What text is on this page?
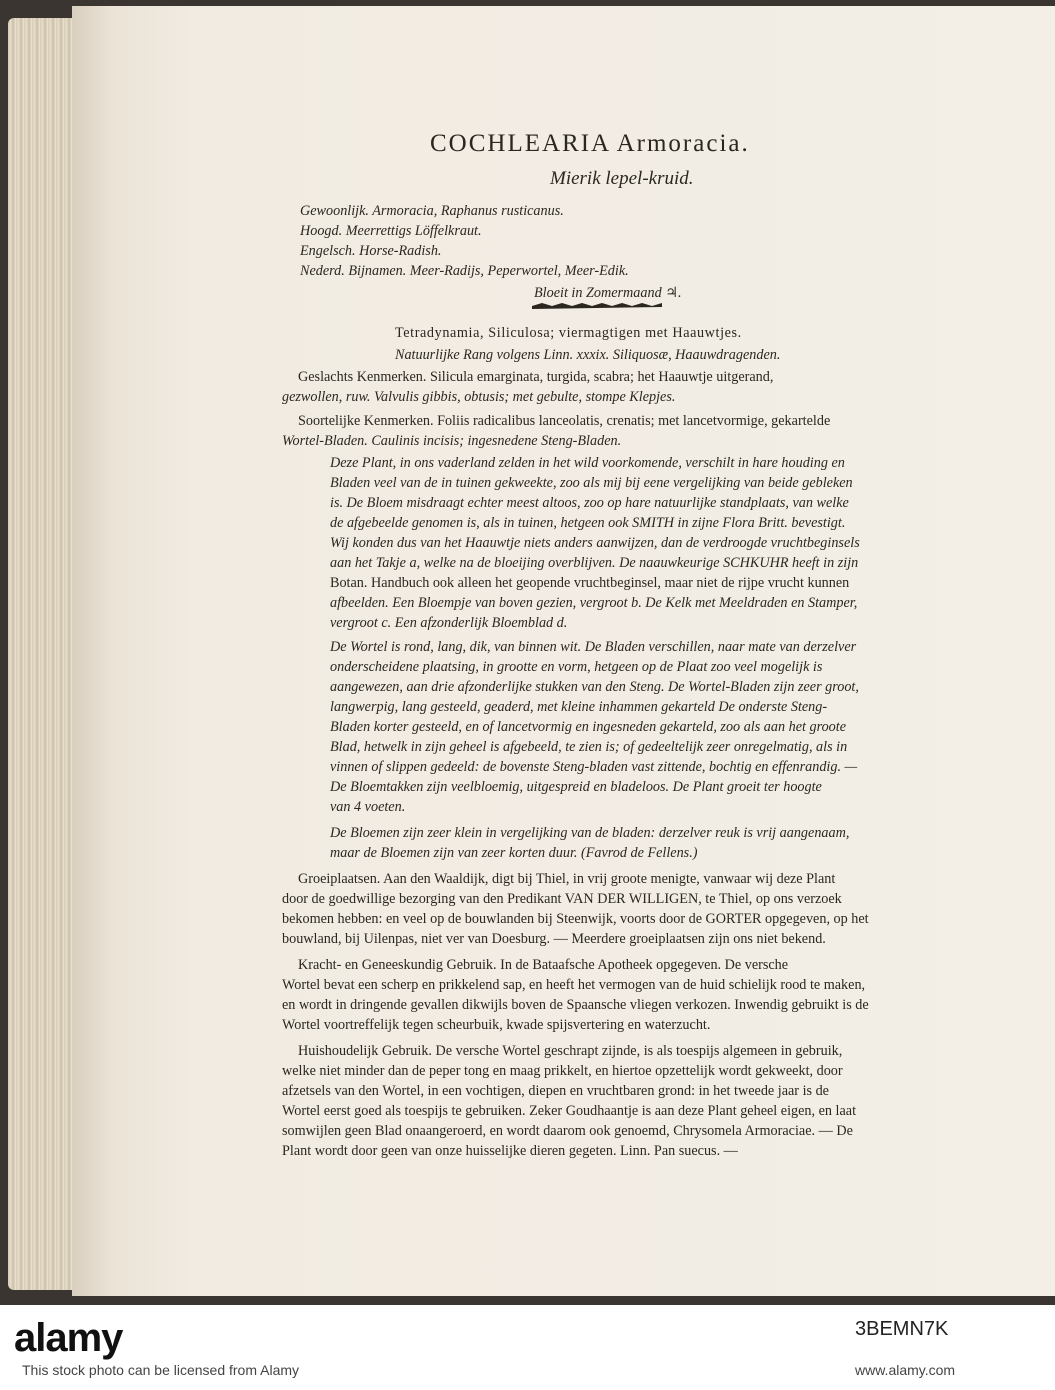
COCHLEARIA Armoracia.
Mierik lepel-kruid.
Gewoonlijk. Armoracia, Raphanus rusticanus.
Hoogd. Meerrettigs Löffelkraut.
Engelsch. Horse-Radish.
Nederd. Bijnamen. Meer-Radijs, Peperwortel, Meer-Edik.
Bloeit in Zomermaand ♃.
Tetradynamia, Siliculosa; viermagtigen met Haauwtjes.
Natuurlijke Rang volgens Linn. xxxix. Siliquosæ, Haauwdragenden.
Geslachts Kenmerken. Silicula emarginata, turgida, scabra; het Haauwtje uitgerand,
gezwollen, ruw. Valvulis gibbis, obtusis; met gebulte, stompe Klepjes.
Soortelijke Kenmerken. Foliis radicalibus lanceolatis, crenatis; met lancetvormige, gekartelde
Wortel-Bladen. Caulinis incisis; ingesnedene Steng-Bladen.
Deze Plant, in ons vaderland zelden in het wild voorkomende, verschilt in hare houding en
Bladen veel van de in tuinen gekweekte, zoo als mij bij eene vergelijking van beide gebleken
is. De Bloem misdraagt echter meest altoos, zoo op hare natuurlijke standplaats, van welke
de afgebeelde genomen is, als in tuinen, hetgeen ook SMITH in zijne Flora Britt. bevestigt.
Wij konden dus van het Haauwtje niets anders aanwijzen, dan de verdroogde vruchtbeginsels
aan het Takje a, welke na de bloeijing overblijven. De naauwkeurige SCHKUHR heeft in zijn
Botan. Handbuch ook alleen het geopende vruchtbeginsel, maar niet de rijpe vrucht kunnen
afbeelden. Een Bloempje van boven gezien, vergroot b. De Kelk met Meeldraden en Stamper,
vergroot c. Een afzonderlijk Bloemblad d.
De Wortel is rond, lang, dik, van binnen wit. De Bladen verschillen, naar mate van derzelver
onderscheidene plaatsing, in grootte en vorm, hetgeen op de Plaat zoo veel mogelijk is
aangewezen, aan drie afzonderlijke stukken van den Steng. De Wortel-Bladen zijn zeer groot,
langwerpig, lang gesteeld, geaderd, met kleine inhammen gekarteld De onderste Steng-
Bladen korter gesteeld, en of lancetvormig en ingesneden gekarteld, zoo als aan het groote
Blad, hetwelk in zijn geheel is afgebeeld, te zien is; of gedeeltelijk zeer onregelmatig, als in
vinnen of slippen gedeeld: de bovenste Steng-bladen vast zittende, bochtig en effenrandig. —
De Bloemtakken zijn veelbloemig, uitgespreid en bladeloos. De Plant groeit ter hoogte
van 4 voeten.
De Bloemen zijn zeer klein in vergelijking van de bladen: derzelver reuk is vrij aangenaam,
maar de Bloemen zijn van zeer korten duur. (Favrod de Fellens.)
Groeiplaatsen. Aan den Waaldijk, digt bij Thiel, in vrij groote menigte, vanwaar wij deze Plant
door de goedwillige bezorging van den Predikant VAN DER WILLIGEN, te Thiel, op ons verzoek
bekomen hebben: en veel op de bouwlanden bij Steenwijk, voorts door de GORTER opgegeven, op het
bouwland, bij Uilenpas, niet ver van Doesburg. — Meerdere groeiplaatsen zijn ons niet bekend.
Kracht- en Geneeskundig Gebruik. In de Bataafsche Apotheek opgegeven. De versche
Wortel bevat een scherp en prikkelend sap, en heeft het vermogen van de huid schielijk rood te maken,
en wordt in dringende gevallen dikwijls boven de Spaansche vliegen verkozen. Inwendig gebruikt is de
Wortel voortreffelijk tegen scheurbuik, kwade spijsvertering en waterzucht.
Huishoudelijk Gebruik. De versche Wortel geschrapt zijnde, is als toespijs algemeen in gebruik,
welke niet minder dan de peper tong en maag prikkelt, en hiertoe opzettelijk wordt gekweekt, door
afzetsels van den Wortel, in een vochtigen, diepen en vruchtbaren grond: in het tweede jaar is de
Wortel eerst goed als toespijs te gebruiken. Zeker Goudhaantje is aan deze Plant geheel eigen, en laat
somwijlen geen Blad onaangeroerd, en wordt daarom ook genoemd, Chrysomela Armoraciae. — De
Plant wordt door geen van onze huisselijke dieren gegeten. Linn. Pan suecus. —
alamy	3BEMN7K
This stock photo can be licensed from Alamy	www.alamy.com
